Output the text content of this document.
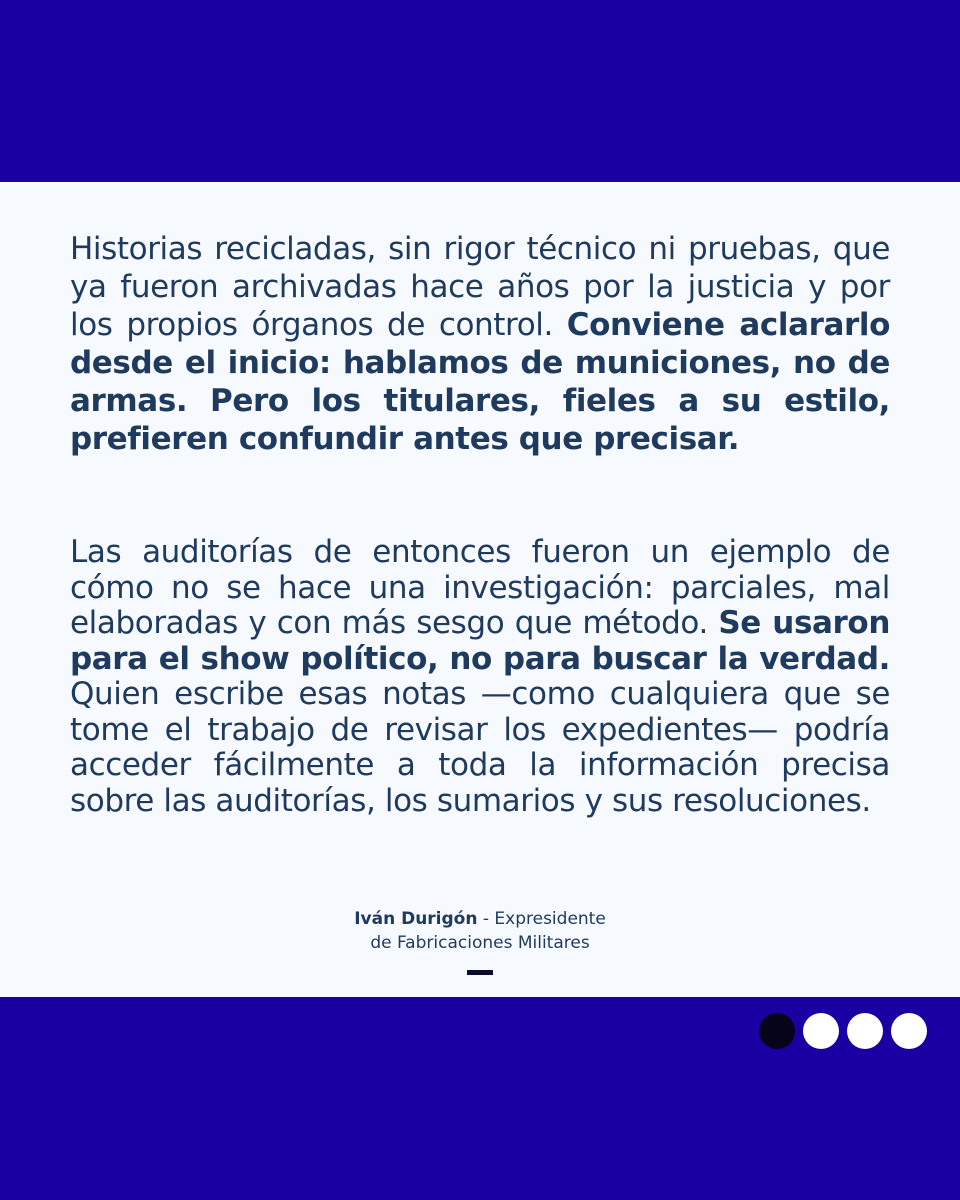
Historias recicladas, sin rigor técnico ni pruebas, que ya fueron archivadas hace años por la justicia y por los propios órganos de control. Conviene aclararlo desde el inicio: hablamos de municiones, no de armas. Pero los titulares, fieles a su estilo, prefieren confundir antes que precisar.

Las auditorías de entonces fueron un ejemplo de cómo no se hace una investigación: parciales, mal elaboradas y con más sesgo que método. Se usaron para el show político, no para buscar la verdad. Quien escribe esas notas —como cualquiera que se tome el trabajo de revisar los expedientes— podría acceder fácilmente a toda la información precisa sobre las auditorías, los sumarios y sus resoluciones.

Iván Durigón - Expresidente
de Fabricaciones Militares
